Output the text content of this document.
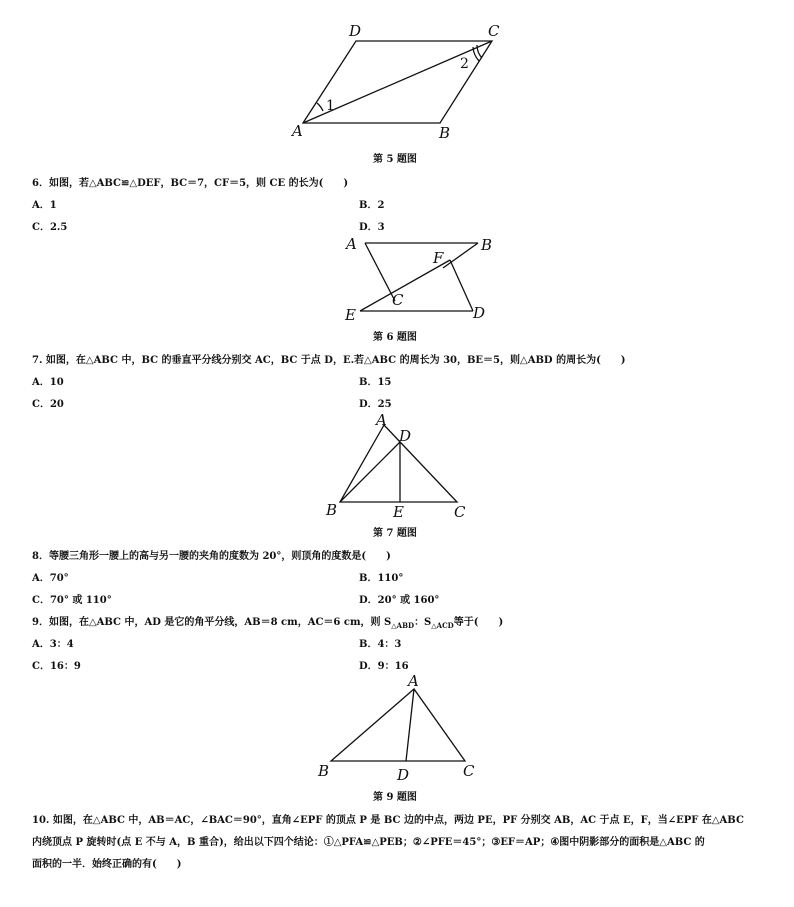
D	C
A	B
1
2
第 5 题图
6．如图，若△ABC≌△DEF，BC＝7，CF＝5，则 CE 的长为(　　)
A．1	B．2
C．2.5	D．3
A	B
F
C
E	D
第 6 题图
7. 如图，在△ABC 中，BC 的垂直平分线分别交 AC，BC 于点 D，E.若△ABC 的周长为 30，BE＝5，则△ABD 的周长为(　　)
A．10	B．15
C．20	D．25
A
D
B	E	C
第 7 题图
8．等腰三角形一腰上的高与另一腰的夹角的度数为 20°，则顶角的度数是(　　)
A．70°	B．110°
C．70° 或 110°	D．20° 或 160°
9．如图，在△ABC 中，AD 是它的角平分线，AB＝8 cm，AC＝6 cm，则 $S_{\triangle ABD}$：$S_{\triangle ACD}$等于(　　)
A．3：4	B．4：3
C．16：9	D．9：16
A
B	D	C
第 9 题图
10. 如图，在△ABC 中，AB＝AC，∠BAC＝90°，直角∠EPF 的顶点 P 是 BC 边的中点，两边 PE，PF 分别交 AB，AC 于点 E，F，当∠EPF 在△ABC
内绕顶点 P 旋转时(点 E 不与 A，B 重合)，给出以下四个结论：①△PFA≌△PEB；②∠PFE＝45°；③EF＝AP；④图中阴影部分的面积是△ABC 的
面积的一半．始终正确的有(　　)
